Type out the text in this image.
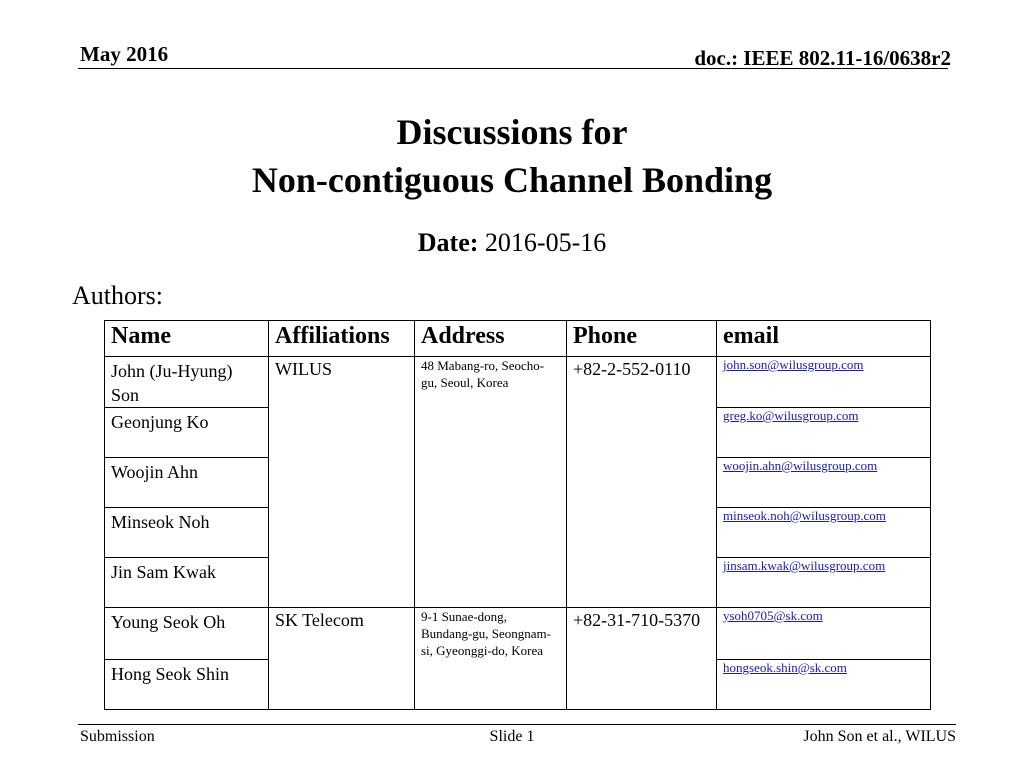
May 2016	doc.: IEEE 802.11-16/0638r2
Discussions for
Non-contiguous Channel Bonding
Date: 2016-05-16
Authors:
Name	Affiliations	Address	Phone	email
John (Ju-Hyung) Son	WILUS	48 Mabang-ro, Seocho-gu, Seoul, Korea	+82-2-552-0110	john.son@wilusgroup.com
Geonjung Ko				greg.ko@wilusgroup.com
Woojin Ahn				woojin.ahn@wilusgroup.com
Minseok Noh				minseok.noh@wilusgroup.com
Jin Sam Kwak				jinsam.kwak@wilusgroup.com
Young Seok Oh	SK Telecom	9-1 Sunae-dong, Bundang-gu, Seongnam-si, Gyeonggi-do, Korea	+82-31-710-5370	ysoh0705@sk.com
Hong Seok Shin				hongseok.shin@sk.com
Submission	Slide 1	John Son et al., WILUS
